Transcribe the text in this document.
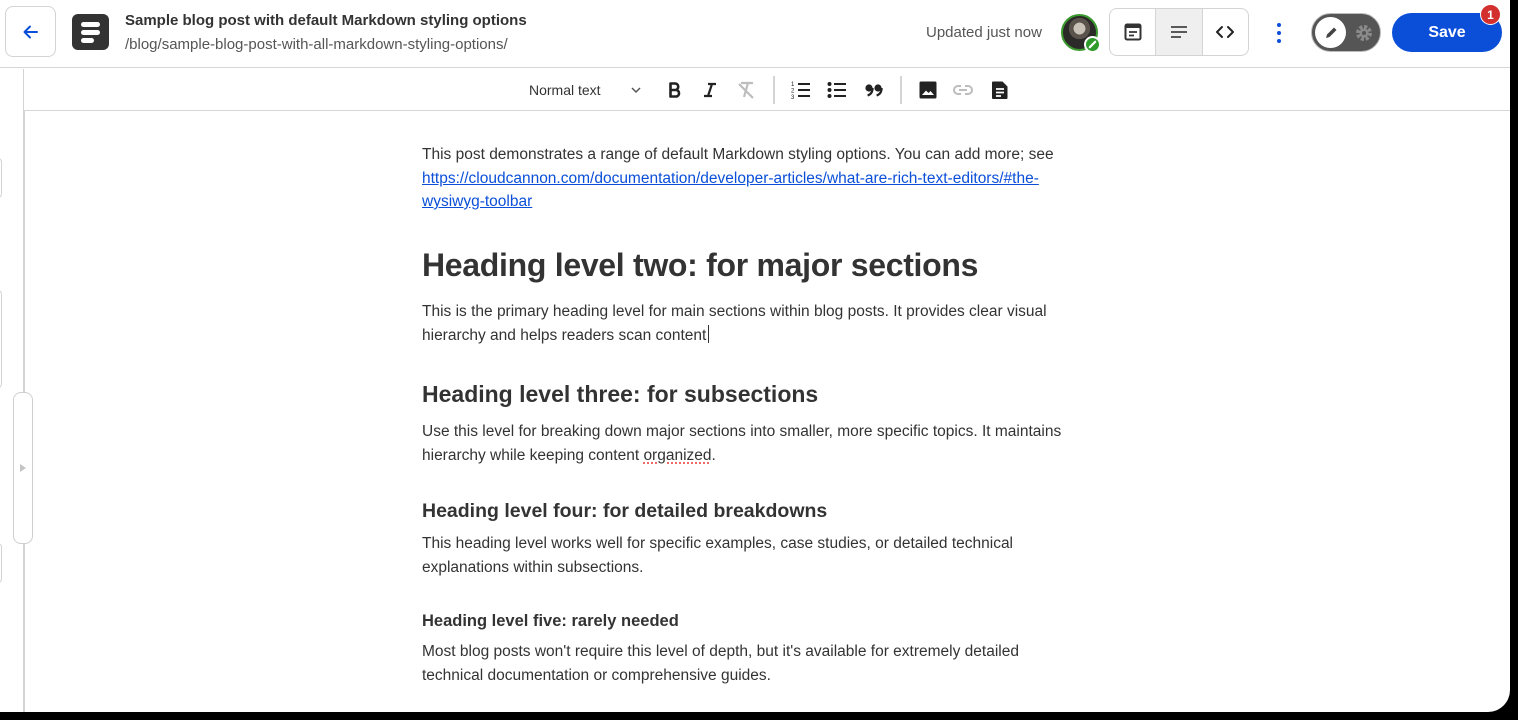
Sample blog post with default Markdown styling options
/blog/sample-blog-post-with-all-markdown-styling-options/
Updated just now	Save
1
Normal text	1
2
3

This post demonstrates a range of default Markdown styling options. You can add more; see
https://cloudcannon.com/documentation/developer-articles/what-are-rich-text-editors/#the-
wysiwyg-toolbar

Heading level two: for major sections

This is the primary heading level for main sections within blog posts. It provides clear visual
hierarchy and helps readers scan content

Heading level three: for subsections

Use this level for breaking down major sections into smaller, more specific topics. It maintains
hierarchy while keeping content organized.

Heading level four: for detailed breakdowns

This heading level works well for specific examples, case studies, or detailed technical
explanations within subsections.

Heading level five: rarely needed

Most blog posts won't require this level of depth, but it's available for extremely detailed
technical documentation or comprehensive guides.
